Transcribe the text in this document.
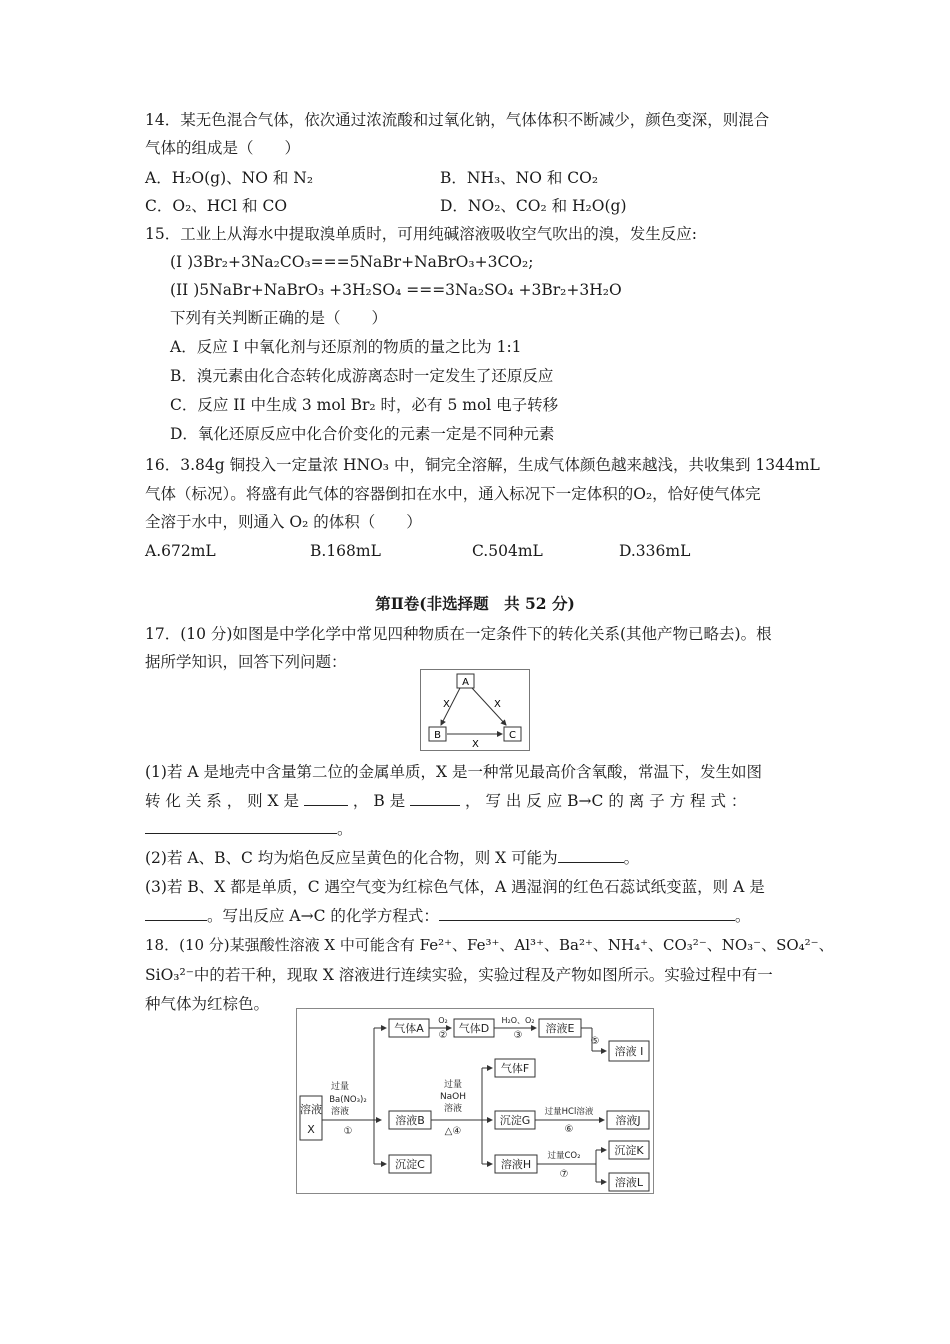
14．某无色混合气体，依次通过浓流酸和过氧化钠，气体体积不断减少，颜色变深，则混合
气体的组成是（　　）
A．H₂O(g)、NO 和 N₂	B．NH₃、NO 和 CO₂
C．O₂、HCl 和 CO	D．NO₂、CO₂ 和 H₂O(g)
15．工业上从海水中提取溴单质时，可用纯碱溶液吸收空气吹出的溴，发生反应:
(I )3Br₂+3Na₂CO₃===5NaBr+NaBrO₃+3CO₂;
(II )5NaBr+NaBrO₃ +3H₂SO₄ ===3Na₂SO₄ +3Br₂+3H₂O
下列有关判断正确的是（　　）
A．反应 I 中氧化剂与还原剂的物质的量之比为 1:1
B．溴元素由化合态转化成游离态时一定发生了还原反应
C．反应 II 中生成 3 mol Br₂ 时，必有 5 mol 电子转移
D．氧化还原反应中化合价变化的元素一定是不同种元素
16．3.84g 铜投入一定量浓 HNO₃ 中，铜完全溶解，生成气体颜色越来越浅，共收集到 1344mL
气体（标况）。将盛有此气体的容器倒扣在水中，通入标况下一定体积的O₂，恰好使气体完
全溶于水中，则通入 O₂ 的体积（　　）
A.672mL	B.168mL	C.504mL	D.336mL
第Ⅱ卷(非选择题　共 52 分)
17．(10 分)如图是中学化学中常见四种物质在一定条件下的转化关系(其他产物已略去)。根
据所学知识，回答下列问题：
A
B	C
X	X
X
(1)若 A 是地壳中含量第二位的金属单质，X 是一种常见最高价含氧酸，常温下，发生如图
转 化 关 系 ， 则 X 是	， B 是	， 写 出 反 应 B→C 的 离 子 方 程 式 ：
。
(2)若 A、B、C 均为焰色反应呈黄色的化合物，则 X 可能为	。
(3)若 B、X 都是单质，C 遇空气变为红棕色气体，A 遇湿润的红色石蕊试纸变蓝，则 A 是
。写出反应 A→C 的化学方程式：	。
18．(10 分)某强酸性溶液 X 中可能含有 Fe²⁺、Fe³⁺、Al³⁺、Ba²⁺、NH₄⁺、CO₃²⁻、NO₃⁻、SO₄²⁻、
SiO₃²⁻中的若干种，现取 X 溶液进行连续实验，实验过程及产物如图所示。实验过程中有一
种气体为红棕色。
溶液
X
过量
Ba(NO₃)₂
溶液
①
气体A
O₂
②
气体D
H₂O、O₂
③
溶液E
⑤
溶液 I
溶液B
过量
NaOH
溶液
△④
气体F
沉淀G
过量HCl溶液
⑥
溶液J
沉淀C	溶液H
过量CO₂
⑦
沉淀K
溶液L
